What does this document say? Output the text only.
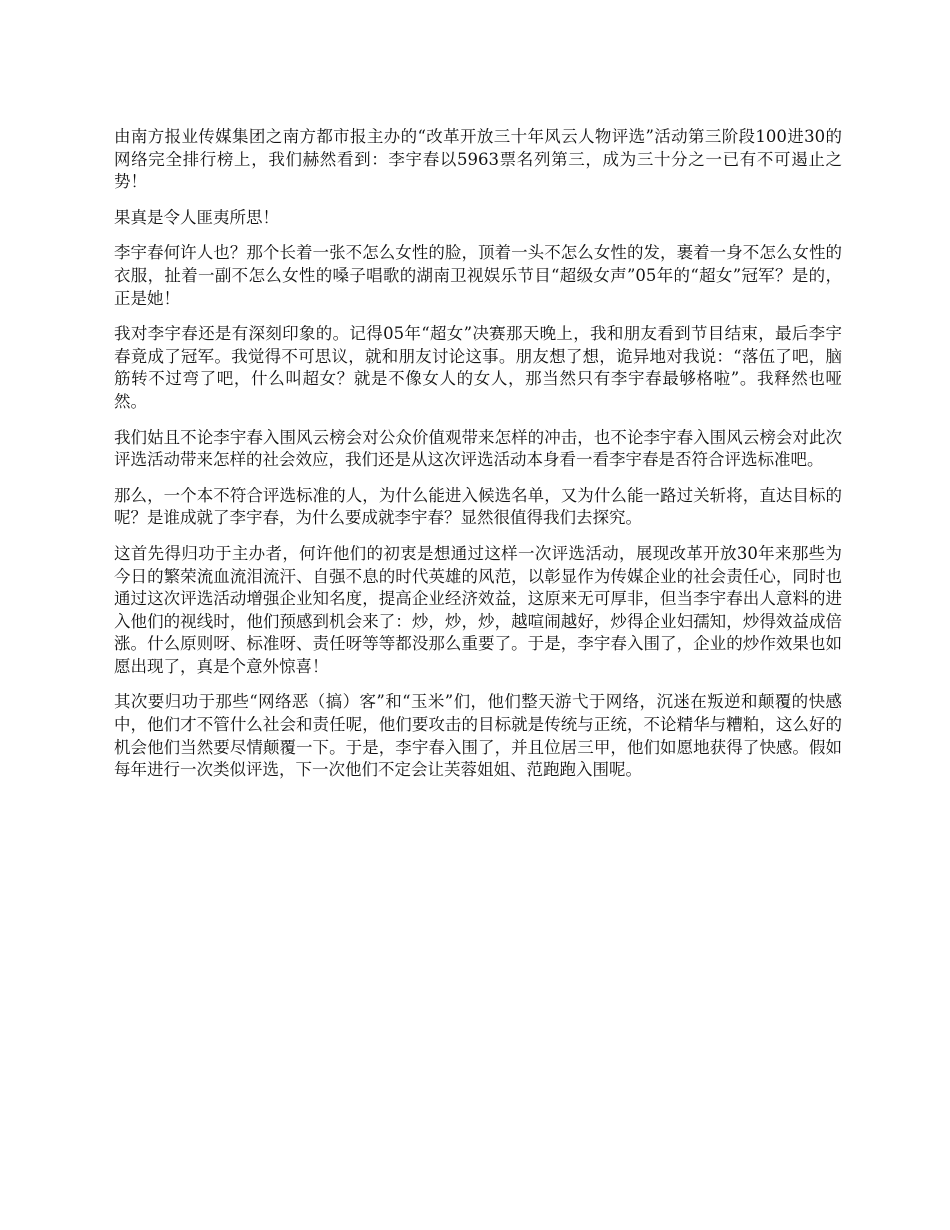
由南方报业传媒集团之南方都市报主办的“改革开放三十年风云人物评选”活动第三阶段100进30的网络完全排行榜上，我们赫然看到：李宇春以5963票名列第三，成为三十分之一已有不可遏止之势！

果真是令人匪夷所思！

李宇春何许人也？那个长着一张不怎么女性的脸，顶着一头不怎么女性的发，裹着一身不怎么女性的衣服，扯着一副不怎么女性的嗓子唱歌的湖南卫视娱乐节目“超级女声”05年的“超女”冠军？是的，正是她！

我对李宇春还是有深刻印象的。记得05年“超女”决赛那天晚上，我和朋友看到节目结束，最后李宇春竟成了冠军。我觉得不可思议，就和朋友讨论这事。朋友想了想，诡异地对我说：“落伍了吧，脑筋转不过弯了吧，什么叫超女？就是不像女人的女人，那当然只有李宇春最够格啦”。我释然也哑然。

我们姑且不论李宇春入围风云榜会对公众价值观带来怎样的冲击，也不论李宇春入围风云榜会对此次评选活动带来怎样的社会效应，我们还是从这次评选活动本身看一看李宇春是否符合评选标准吧。

那么，一个本不符合评选标准的人，为什么能进入候选名单，又为什么能一路过关斩将，直达目标的呢？是谁成就了李宇春，为什么要成就李宇春？显然很值得我们去探究。

这首先得归功于主办者，何许他们的初衷是想通过这样一次评选活动，展现改革开放30年来那些为今日的繁荣流血流泪流汗、自强不息的时代英雄的风范，以彰显作为传媒企业的社会责任心，同时也通过这次评选活动增强企业知名度，提高企业经济效益，这原来无可厚非，但当李宇春出人意料的进入他们的视线时，他们预感到机会来了：炒，炒，炒，越喧闹越好，炒得企业妇孺知，炒得效益成倍涨。什么原则呀、标准呀、责任呀等等都没那么重要了。于是，李宇春入围了，企业的炒作效果也如愿出现了，真是个意外惊喜！

其次要归功于那些“网络恶（搞）客”和“玉米”们，他们整天游弋于网络，沉迷在叛逆和颠覆的快感中，他们才不管什么社会和责任呢，他们要攻击的目标就是传统与正统，不论精华与糟粕，这么好的机会他们当然要尽情颠覆一下。于是，李宇春入围了，并且位居三甲，他们如愿地获得了快感。假如每年进行一次类似评选，下一次他们不定会让芙蓉姐姐、范跑跑入围呢。
